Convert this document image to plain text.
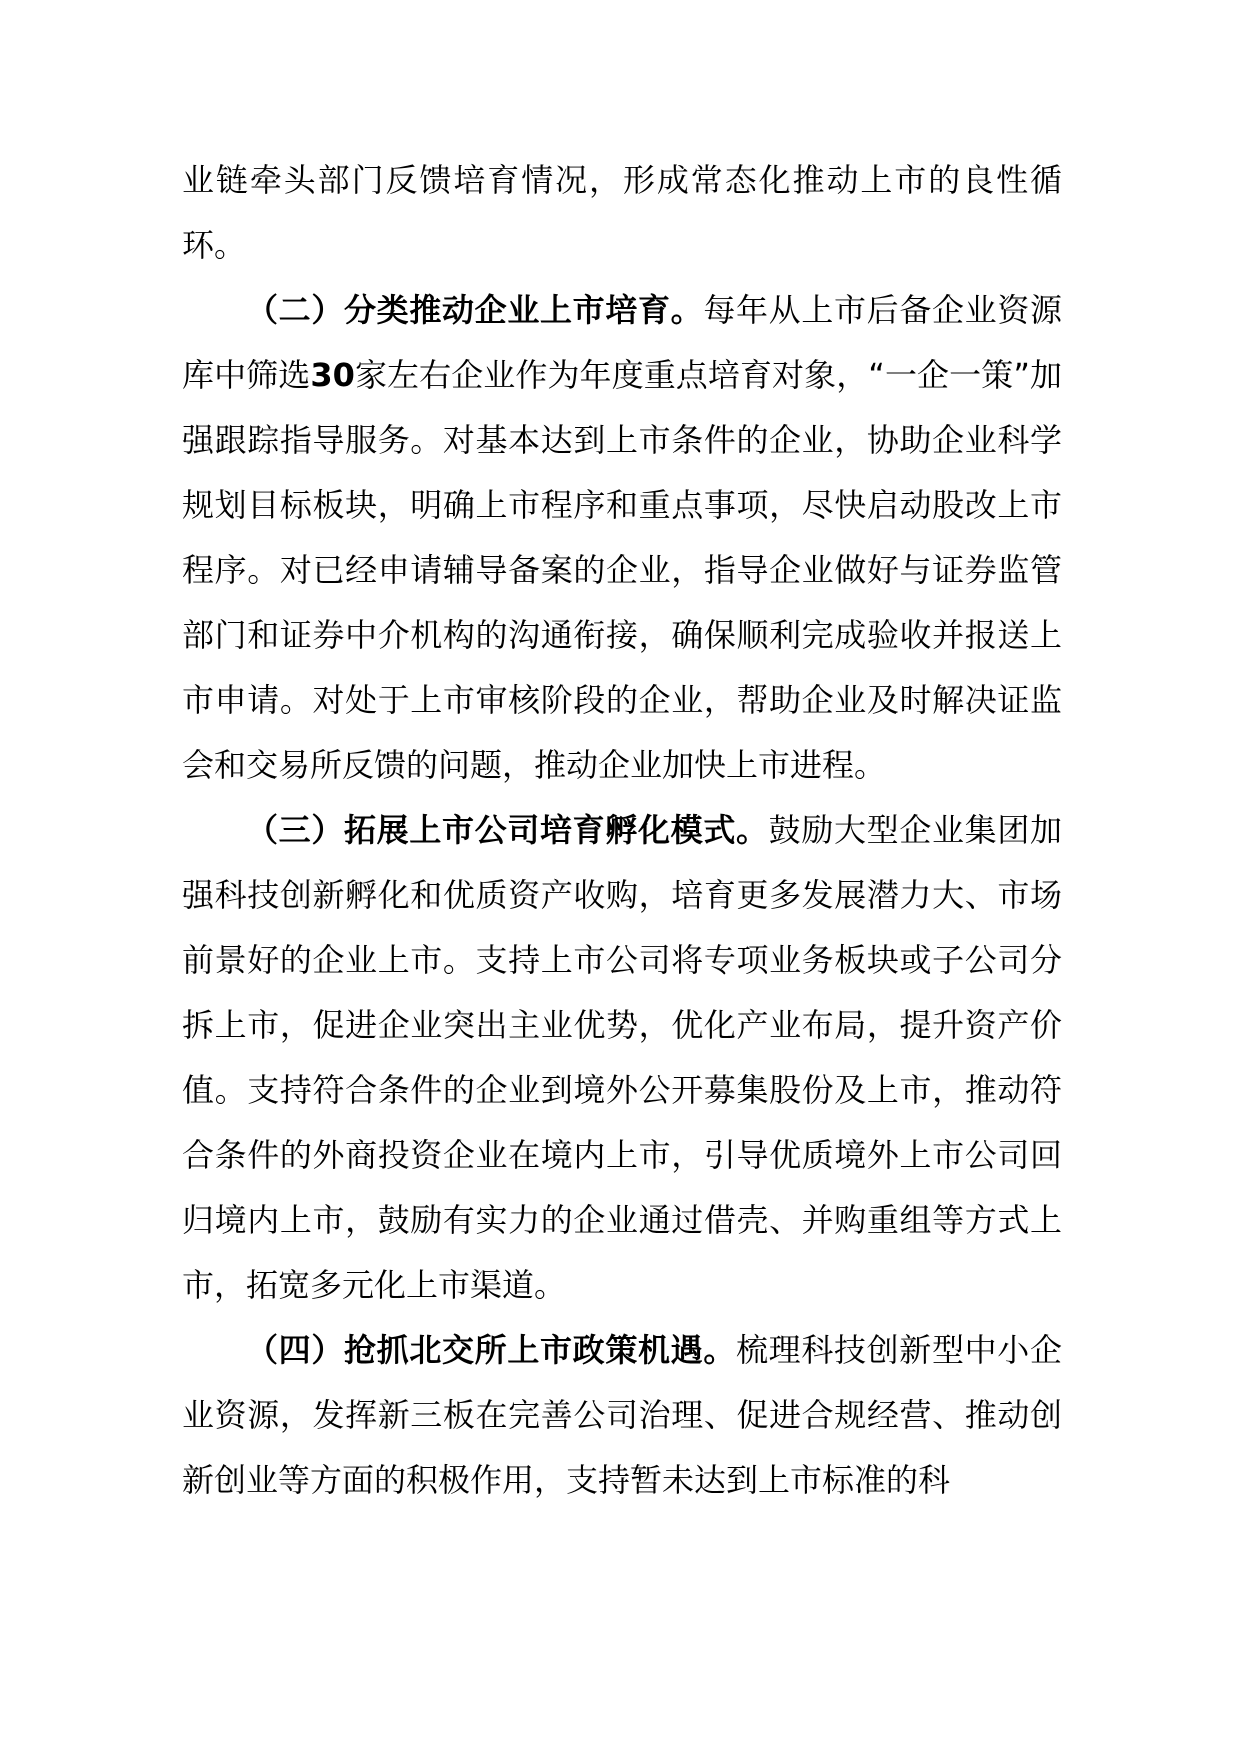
业链牵头部门反馈培育情况，形成常态化推动上市的良性循环。

（二）分类推动企业上市培育。每年从上市后备企业资源库中筛选30家左右企业作为年度重点培育对象，“一企一策”加强跟踪指导服务。对基本达到上市条件的企业，协助企业科学规划目标板块，明确上市程序和重点事项，尽快启动股改上市程序。对已经申请辅导备案的企业，指导企业做好与证券监管部门和证券中介机构的沟通衔接，确保顺利完成验收并报送上市申请。对处于上市审核阶段的企业，帮助企业及时解决证监会和交易所反馈的问题，推动企业加快上市进程。

（三）拓展上市公司培育孵化模式。鼓励大型企业集团加强科技创新孵化和优质资产收购，培育更多发展潜力大、市场前景好的企业上市。支持上市公司将专项业务板块或子公司分拆上市，促进企业突出主业优势，优化产业布局，提升资产价值。支持符合条件的企业到境外公开募集股份及上市，推动符合条件的外商投资企业在境内上市，引导优质境外上市公司回归境内上市，鼓励有实力的企业通过借壳、并购重组等方式上市，拓宽多元化上市渠道。

（四）抢抓北交所上市政策机遇。梳理科技创新型中小企业资源，发挥新三板在完善公司治理、促进合规经营、推动创新创业等方面的积极作用，支持暂未达到上市标准的科
